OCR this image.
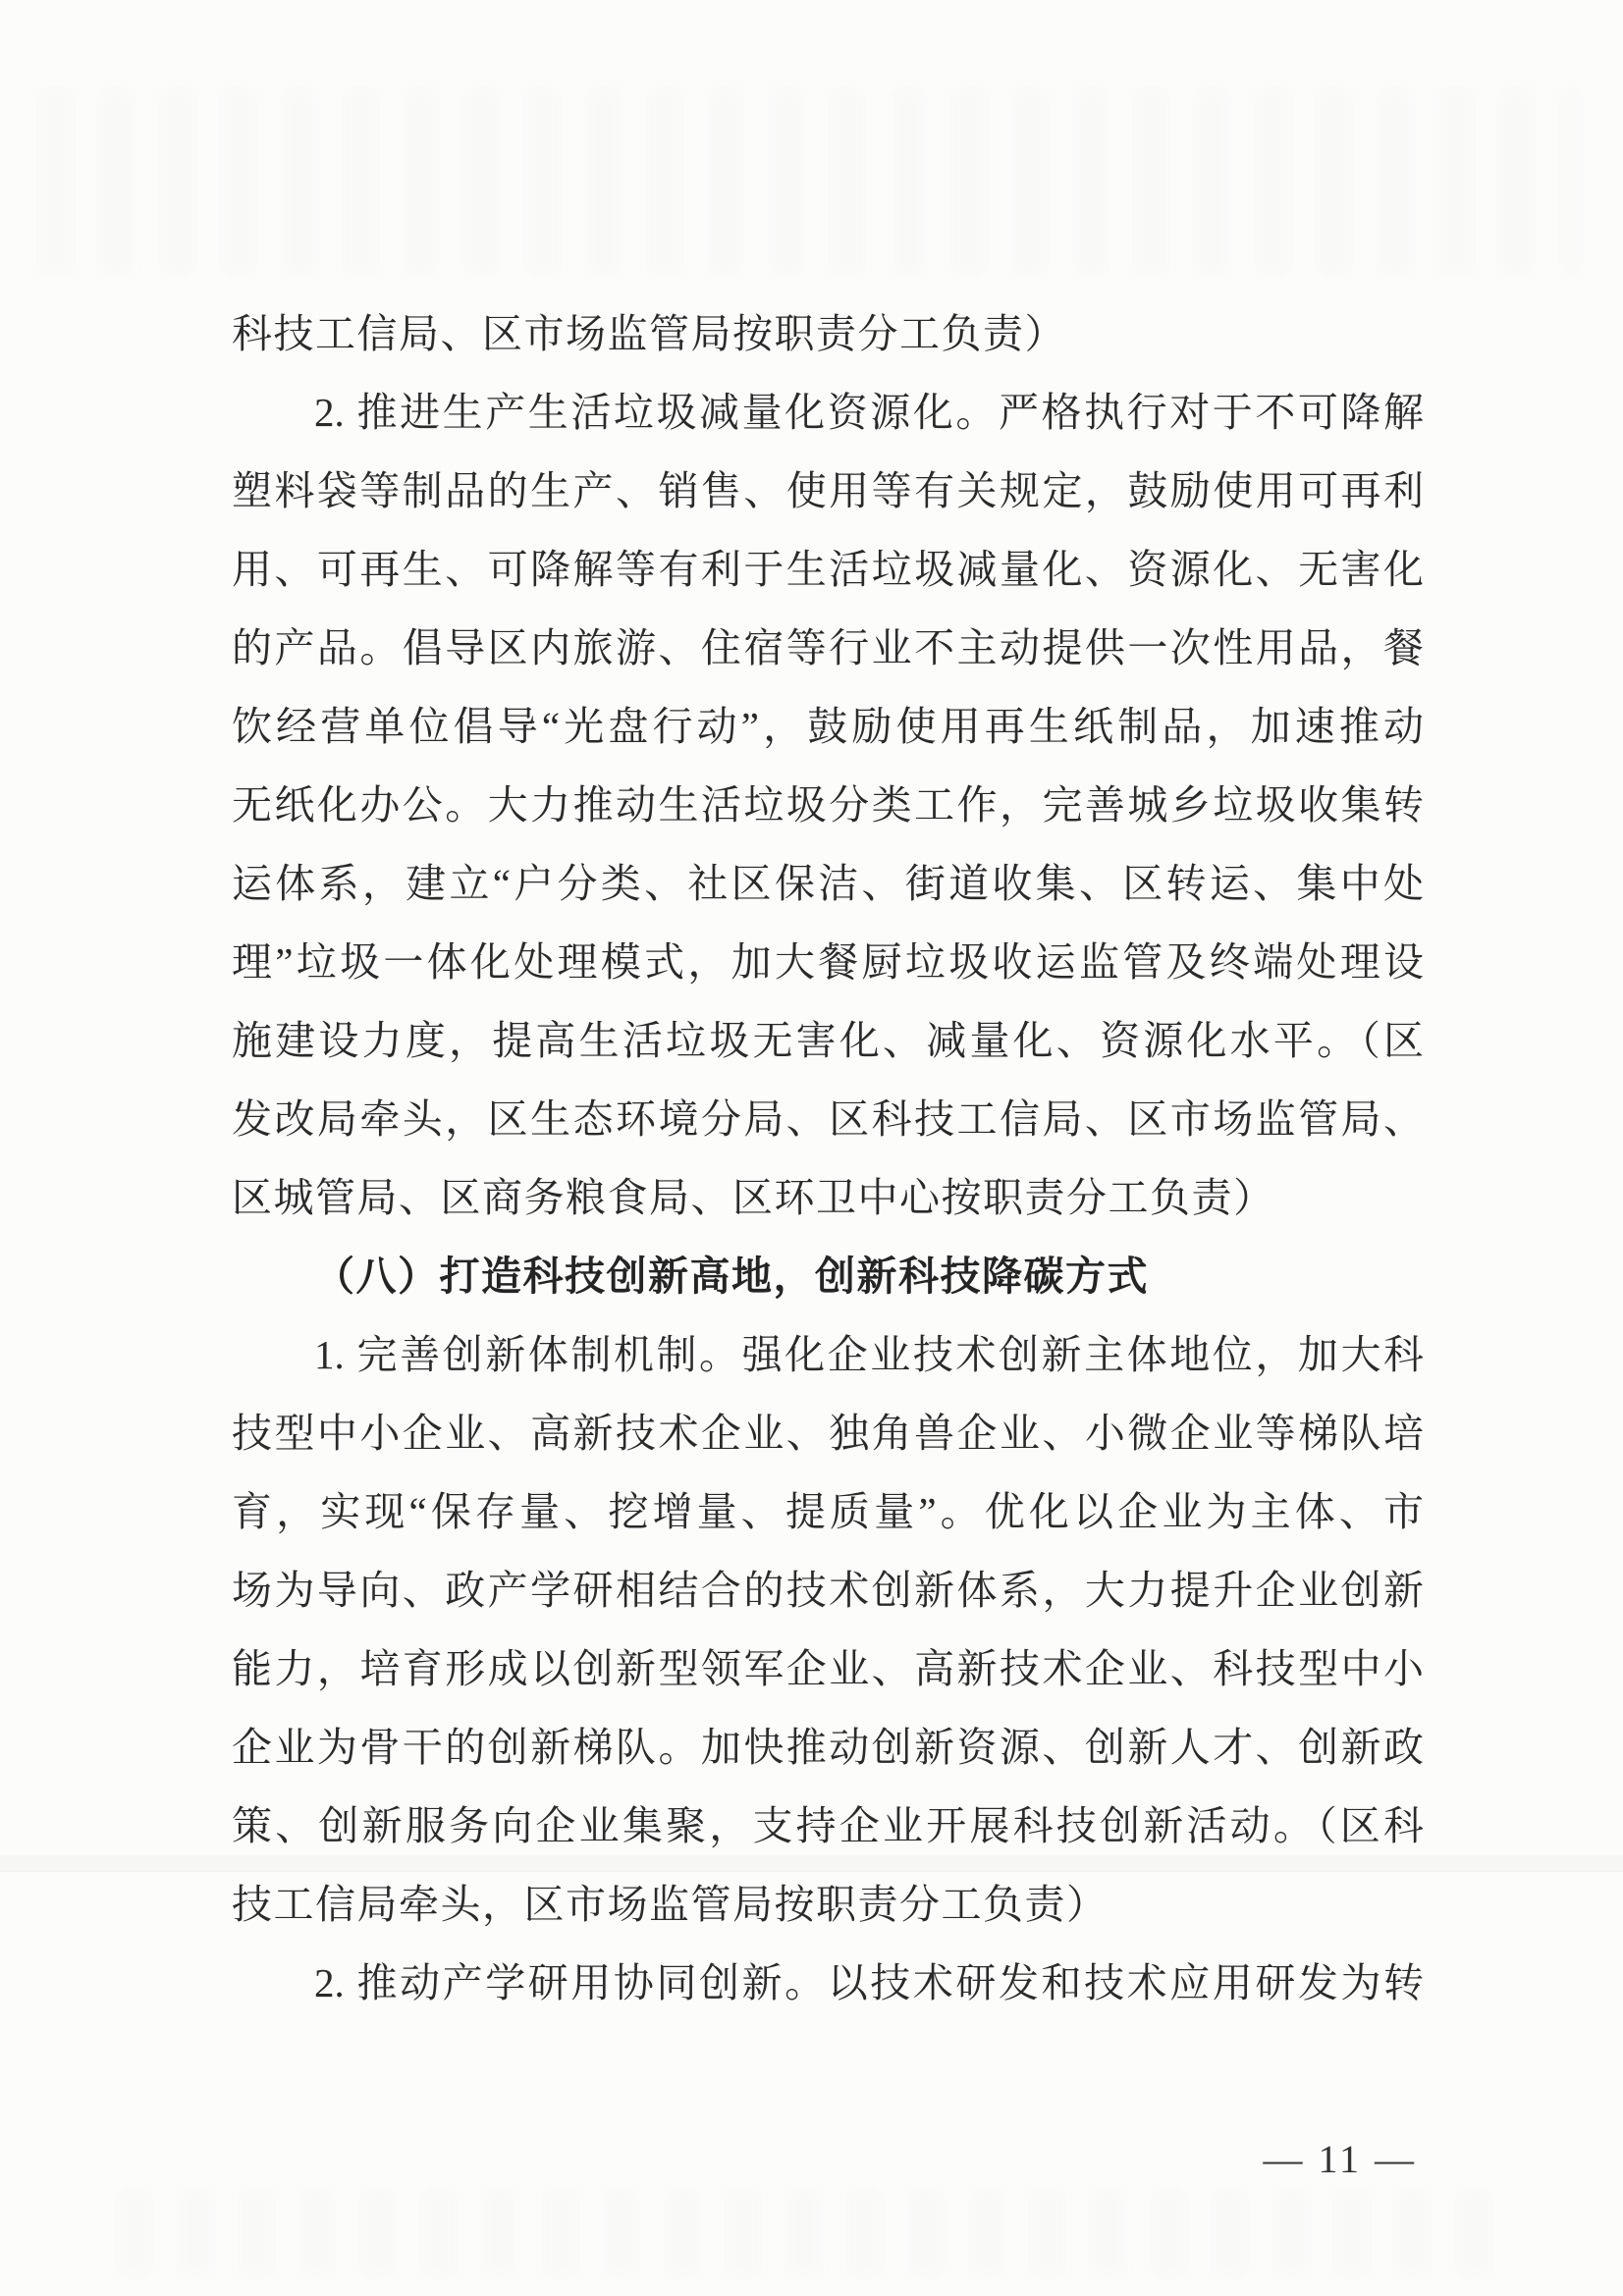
科技工信局、区市场监管局按职责分工负责）
2. 推进生产生活垃圾减量化资源化。严格执行对于不可降解
塑料袋等制品的生产、销售、使用等有关规定，鼓励使用可再利
用、可再生、可降解等有利于生活垃圾减量化、资源化、无害化
的产品。倡导区内旅游、住宿等行业不主动提供一次性用品，餐
饮经营单位倡导“光盘行动”，鼓励使用再生纸制品，加速推动
无纸化办公。大力推动生活垃圾分类工作，完善城乡垃圾收集转
运体系，建立“户分类、社区保洁、街道收集、区转运、集中处
理”垃圾一体化处理模式，加大餐厨垃圾收运监管及终端处理设
施建设力度，提高生活垃圾无害化、减量化、资源化水平。（区
发改局牵头，区生态环境分局、区科技工信局、区市场监管局、
区城管局、区商务粮食局、区环卫中心按职责分工负责）
（八）打造科技创新高地，创新科技降碳方式
1. 完善创新体制机制。强化企业技术创新主体地位，加大科
技型中小企业、高新技术企业、独角兽企业、小微企业等梯队培
育，实现“保存量、挖增量、提质量”。优化以企业为主体、市
场为导向、政产学研相结合的技术创新体系，大力提升企业创新
能力，培育形成以创新型领军企业、高新技术企业、科技型中小
企业为骨干的创新梯队。加快推动创新资源、创新人才、创新政
策、创新服务向企业集聚，支持企业开展科技创新活动。（区科
技工信局牵头，区市场监管局按职责分工负责）
2. 推动产学研用协同创新。以技术研发和技术应用研发为转
— 11 —
